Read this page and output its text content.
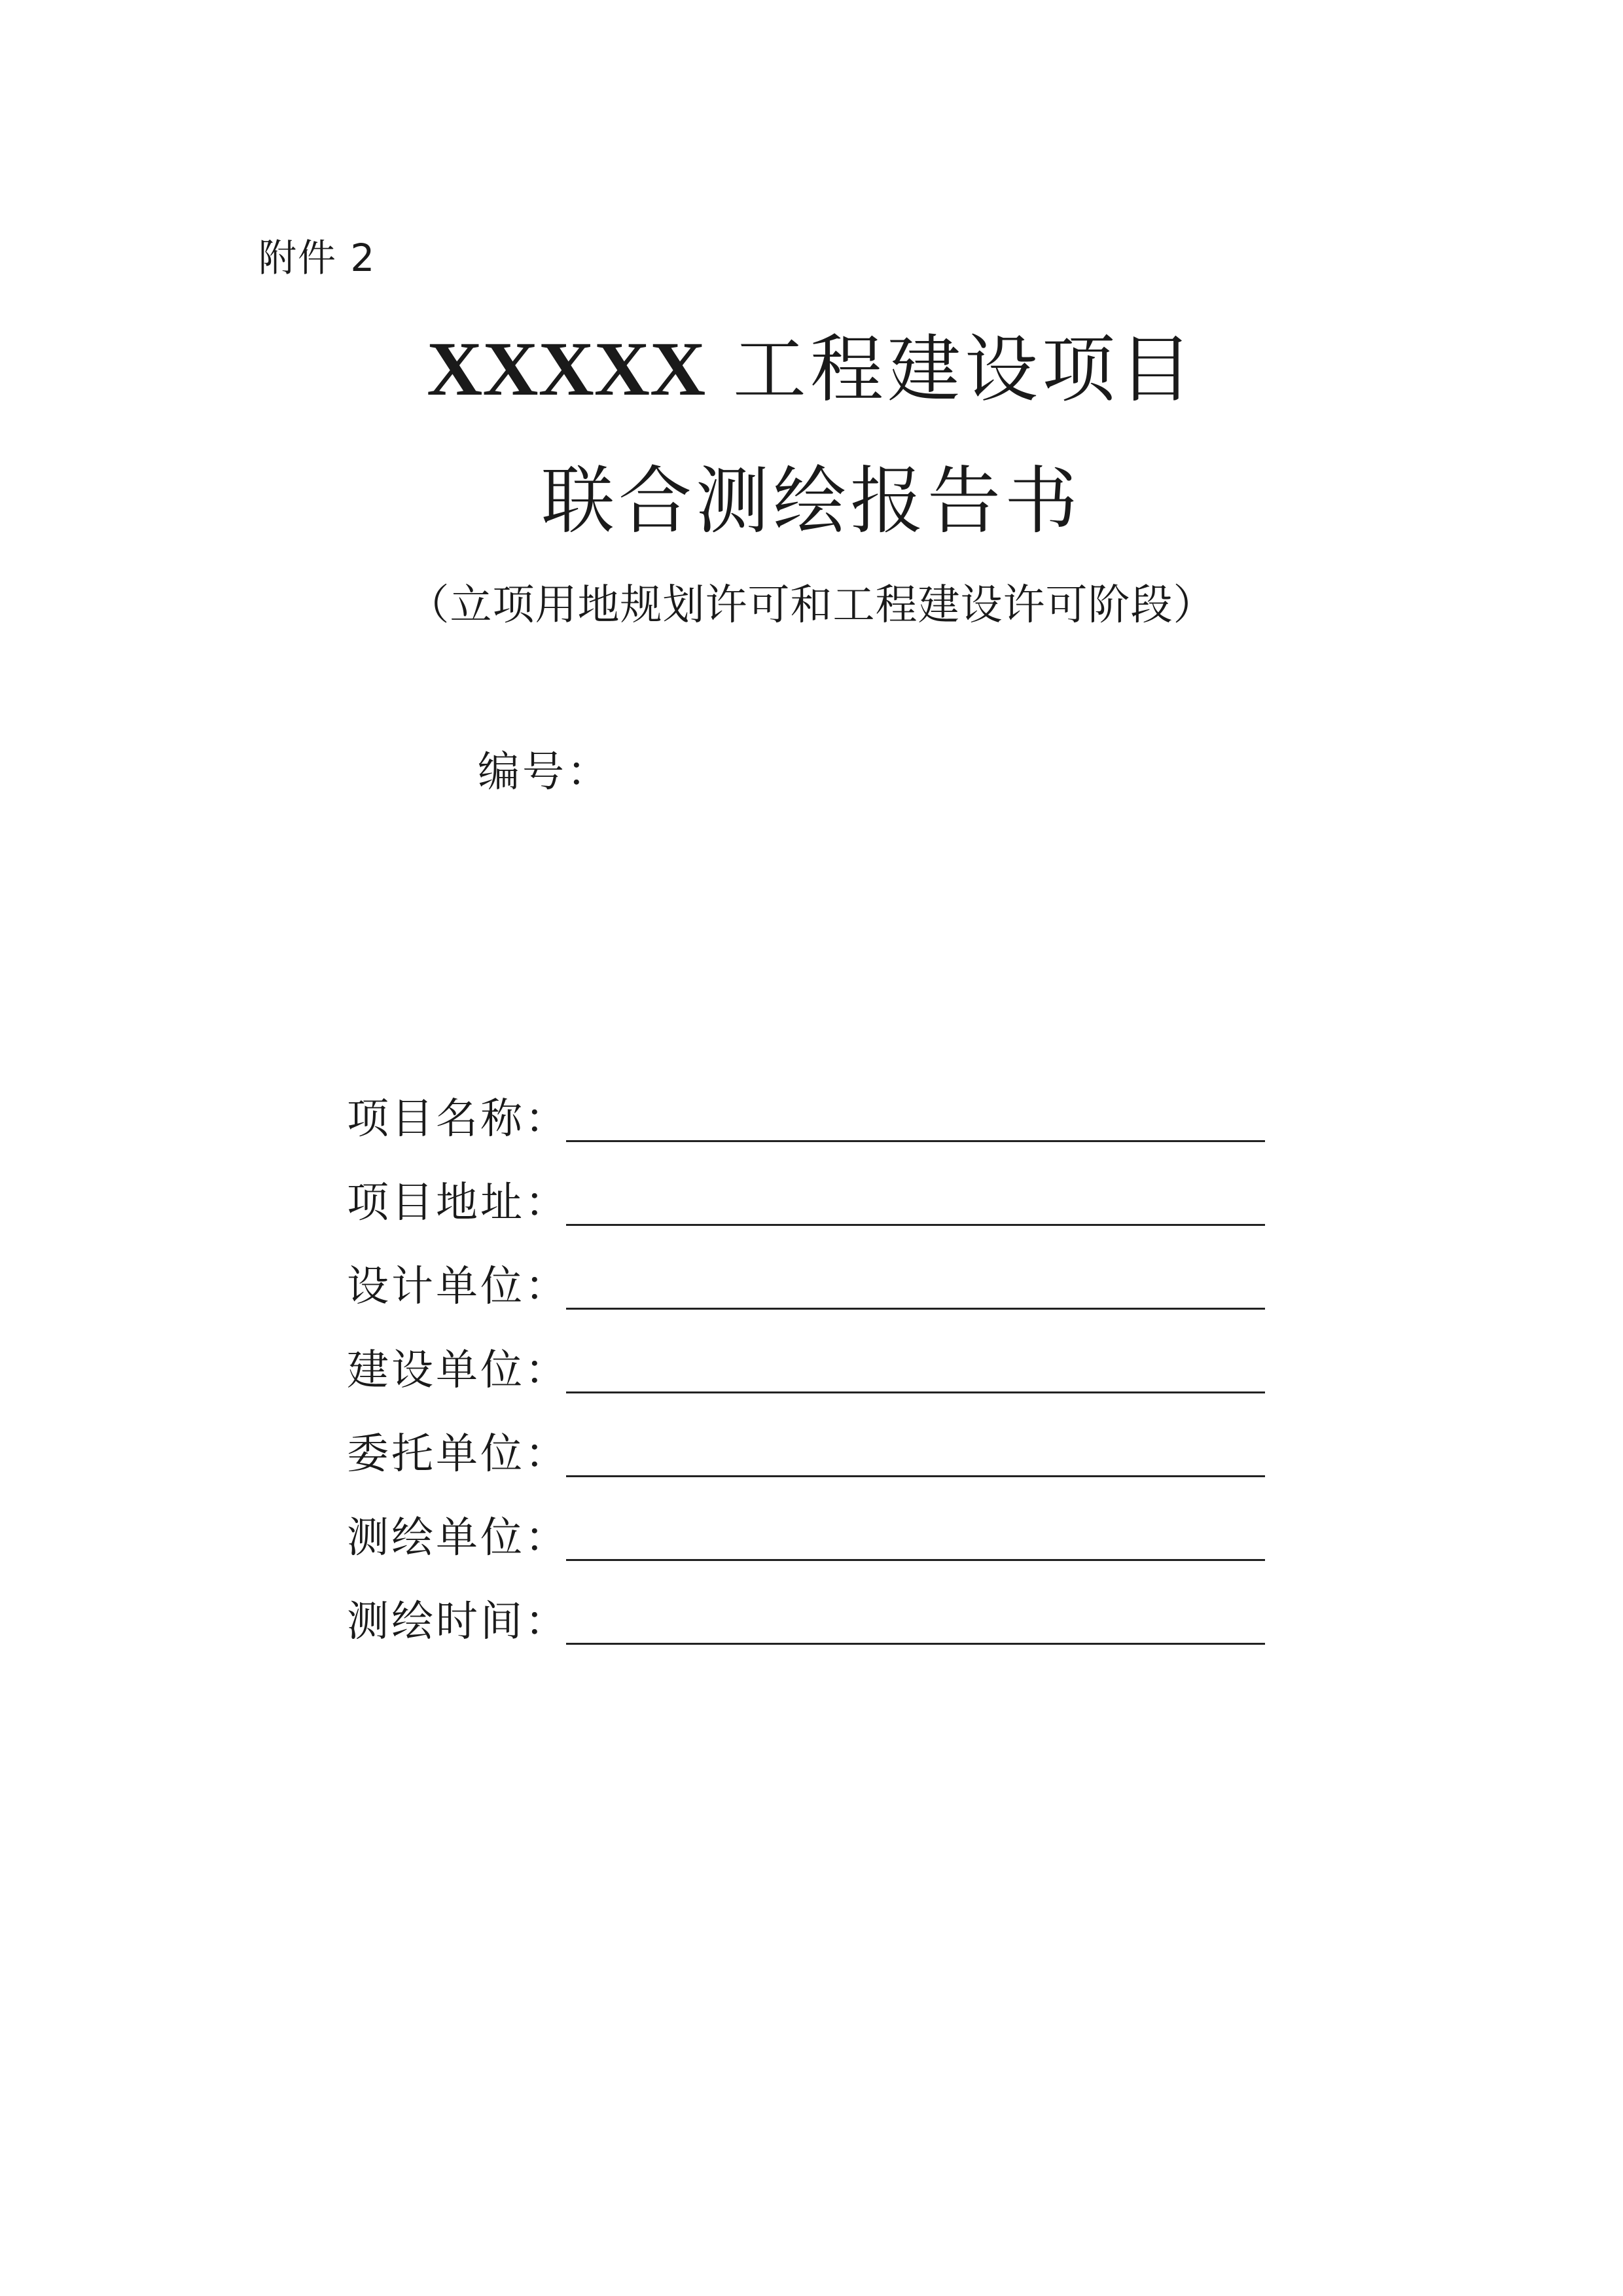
附件 2
XXXXX 工程建设项目
联合测绘报告书
（立项用地规划许可和工程建设许可阶段）
编号：
项目名称：
项目地址：
设计单位：
建设单位：
委托单位：
测绘单位：
测绘时间：
